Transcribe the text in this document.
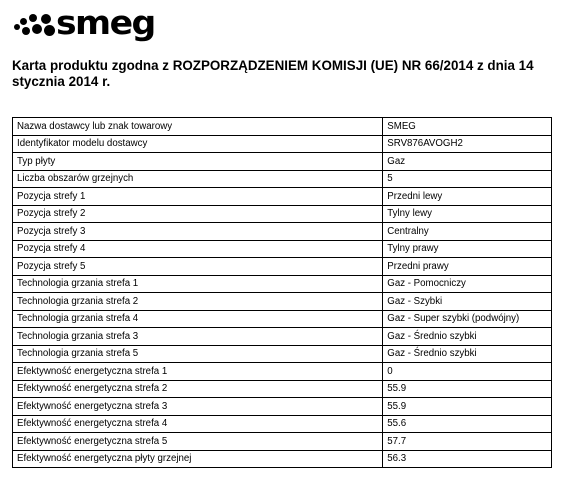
smeg

Karta produktu zgodna z ROZPORZĄDZENIEM KOMISJI (UE) NR 66/2014 z dnia 14 stycznia 2014 r.

Nazwa dostawcy lub znak towarowy	SMEG
Identyfikator modelu dostawcy	SRV876AVOGH2
Typ płyty	Gaz
Liczba obszarów grzejnych	5
Pozycja strefy 1	Przedni lewy
Pozycja strefy 2	Tylny lewy
Pozycja strefy 3	Centralny
Pozycja strefy 4	Tylny prawy
Pozycja strefy 5	Przedni prawy
Technologia grzania strefa 1	Gaz - Pomocniczy
Technologia grzania strefa 2	Gaz - Szybki
Technologia grzania strefa 4	Gaz - Super szybki (podwójny)
Technologia grzania strefa 3	Gaz - Średnio szybki
Technologia grzania strefa 5	Gaz - Średnio szybki
Efektywność energetyczna strefa 1	0
Efektywność energetyczna strefa 2	55.9
Efektywność energetyczna strefa 3	55.9
Efektywność energetyczna strefa 4	55.6
Efektywność energetyczna strefa 5	57.7
Efektywność energetyczna płyty grzejnej	56.3
